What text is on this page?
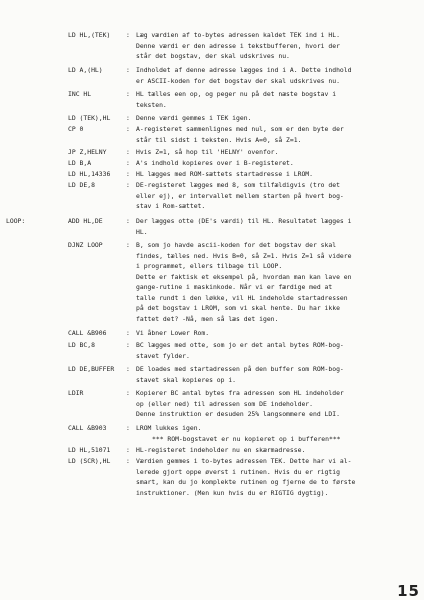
LD HL,(TEK) : Læg værdien af to-bytes adressen kaldet TEK ind i HL.
Denne værdi er den adresse i tekstbufferen, hvori der
står det bogstav, der skal udskrives nu.
LD A,(HL)	: Indholdet af denne adresse lægges ind i A. Dette indhold
er ASCII-koden for det bogstav der skal udskrives nu.
INC HL	: HL tælles een op, og peger nu på det næste bogstav i
teksten.
LD (TEK),HL : Denne værdi gemmes i TEK igen.
CP 0	: A-registeret sammenlignes med nul, som er den byte der
står til sidst i teksten. Hvis A=0, så Z=1.
JP Z,HELNY	: Hvis Z=1, så hop til 'HELNY' ovenfor.
LD B,A	: A's indhold kopieres over i B-registeret.
LD HL,14336 : HL lægges med ROM-sættets startadresse i LROM.
LD DE,8	: DE-registeret lægges med 8, som tilfældigvis (tro det
eller ej), er intervallet mellem starten på hvert bog-
stav i Rom-sættet.
LOOP:	ADD HL,DE	: Der lægges otte (DE's værdi) til HL. Resultatet lægges i
HL.
DJNZ LOOP	: B, som jo havde ascii-koden for det bogstav der skal
findes, tælles ned. Hvis B=0, så Z=1. Hvis Z=1 så videre
i programmet, ellers tilbage til LOOP.
Dette er faktisk et eksempel på, hvordan man kan lave en
gange-rutine i maskinkode. Når vi er færdige med at
talle rundt i den løkke, vil HL indeholde startadressen
på det bogstav i LROM, som vi skal hente. Du har ikke
fattet det? -Nå, men så læs det igen.
CALL &B906	: Vi åbner Lower Rom.
LD BC,8	: BC lægges med otte, som jo er det antal bytes ROM-bog-
stavet fylder.
LD DE,BUFFER : DE loades med startadressen på den buffer som ROM-bog-
stavet skal kopieres op i.
LDIR	: Kopierer BC antal bytes fra adressen som HL indeholder
op (eller ned) til adressen som DE indeholder.
Denne instruktion er desuden 25% langsommere end LDI.
CALL &B903	: LROM lukkes igen.
*** ROM-bogstavet er nu kopieret op i bufferen***
LD HL,51071 : HL-registeret indeholder nu en skærmadresse.
LD (SCR),HL : Værdien gemmes i to-bytes adressen TEK. Dette har vi al-
lerede gjort oppe øverst i rutinen. Hvis du er rigtig
smart, kan du jo komplekte rutinen og fjerne de to første
instruktioner. (Men kun hvis du er RIGTIG dygtig).
15
